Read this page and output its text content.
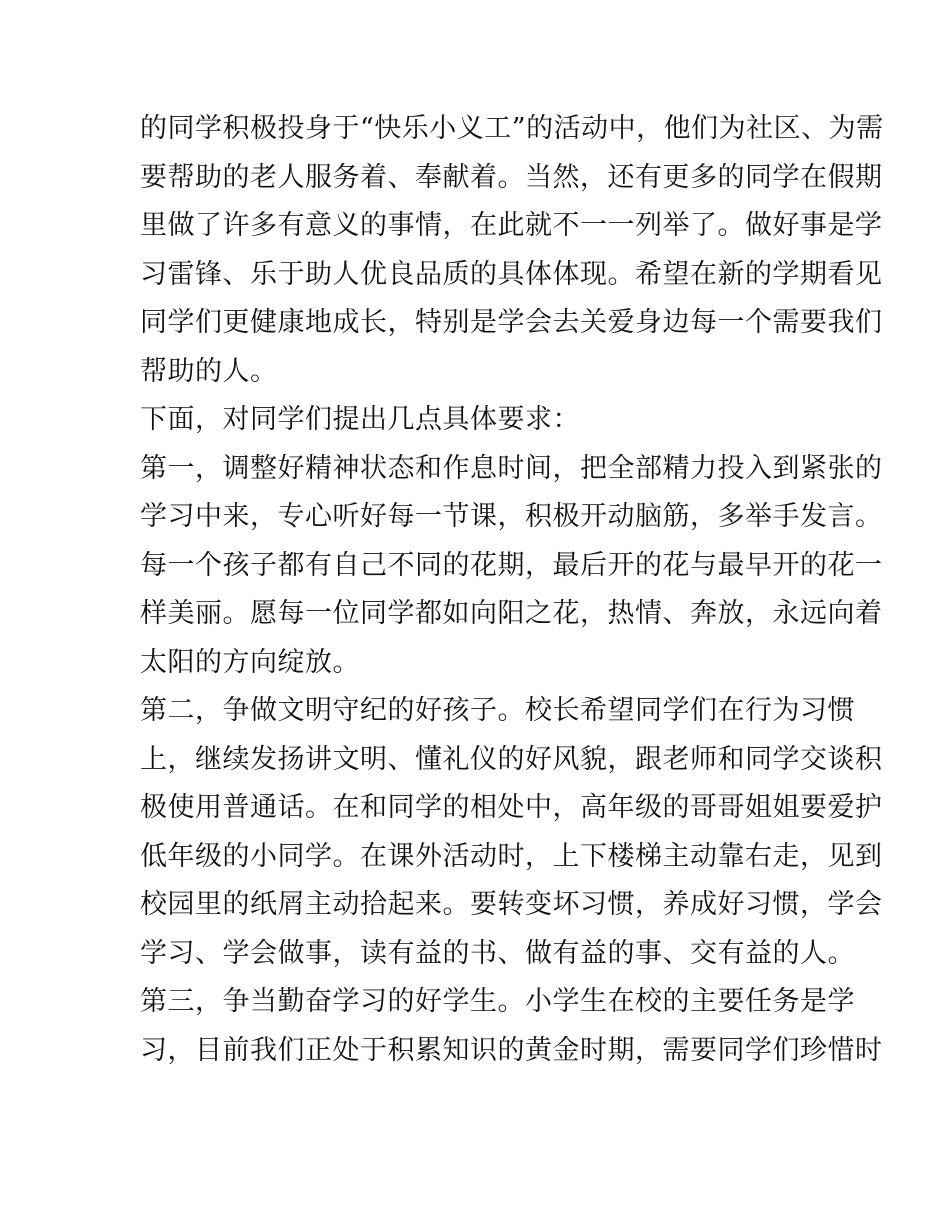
的同学积极投身于“快乐小义工”的活动中，他们为社区、为需
要帮助的老人服务着、奉献着。当然，还有更多的同学在假期
里做了许多有意义的事情，在此就不一一列举了。做好事是学
习雷锋、乐于助人优良品质的具体体现。希望在新的学期看见
同学们更健康地成长，特别是学会去关爱身边每一个需要我们
帮助的人。
下面，对同学们提出几点具体要求：
第一，调整好精神状态和作息时间，把全部精力投入到紧张的
学习中来，专心听好每一节课，积极开动脑筋，多举手发言。
每一个孩子都有自己不同的花期，最后开的花与最早开的花一
样美丽。愿每一位同学都如向阳之花，热情、奔放，永远向着
太阳的方向绽放。
第二，争做文明守纪的好孩子。校长希望同学们在行为习惯
上，继续发扬讲文明、懂礼仪的好风貌，跟老师和同学交谈积
极使用普通话。在和同学的相处中，高年级的哥哥姐姐要爱护
低年级的小同学。在课外活动时，上下楼梯主动靠右走，见到
校园里的纸屑主动拾起来。要转变坏习惯，养成好习惯，学会
学习、学会做事，读有益的书、做有益的事、交有益的人。
第三，争当勤奋学习的好学生。小学生在校的主要任务是学
习，目前我们正处于积累知识的黄金时期，需要同学们珍惜时
